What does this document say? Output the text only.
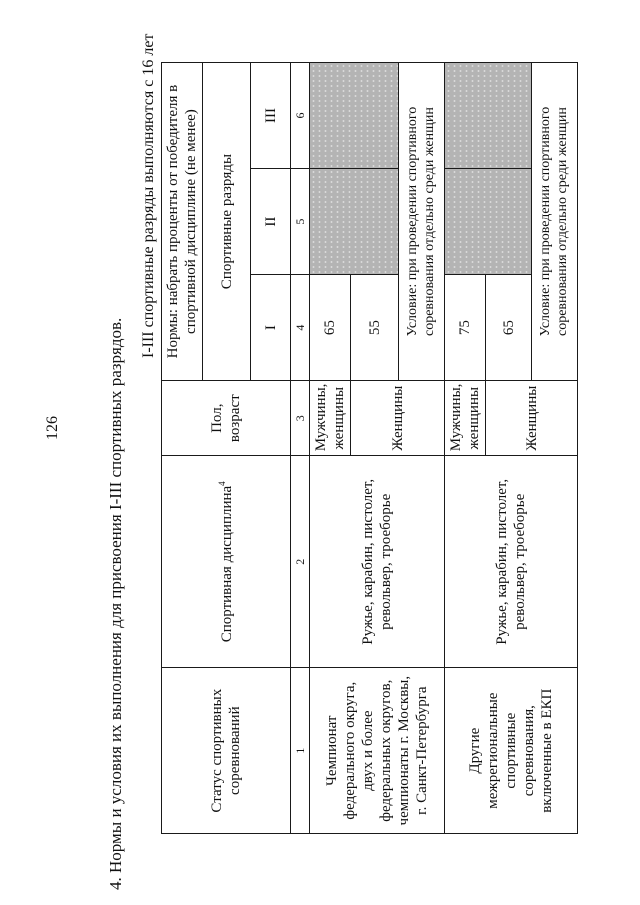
126	4. Нормы и условия их выполнения для присвоения I-III спортивных разрядов.
I-III спортивные разряды выполняются с 16 лет
Статус спортивных соревнований	Спортивная дисциплина$^4$	Пол, возраст	Нормы: набрать проценты от победителя в спортивной дисциплине (не менее)		
			Спортивные разряды		
			I	II	III
1	2	3	4	5	6
Чемпионат федерального округа, двух и более федеральных округов, чемпионаты г. Москвы, г. Санкт-Петербурга	Ружье, карабин, пистолет, револьвер, троеборье	Мужчины, женщины	65		
		Женщины	55		
			Условие: при проведении спортивного соревнования отдельно среди женщин		
Другие межрегиональные спортивные соревнования, включенные в ЕКП	Ружье, карабин, пистолет, револьвер, троеборье	Мужчины, женщины	75		
		Женщины	65		
			Условие: при проведении спортивного соревнования отдельно среди женщин		
